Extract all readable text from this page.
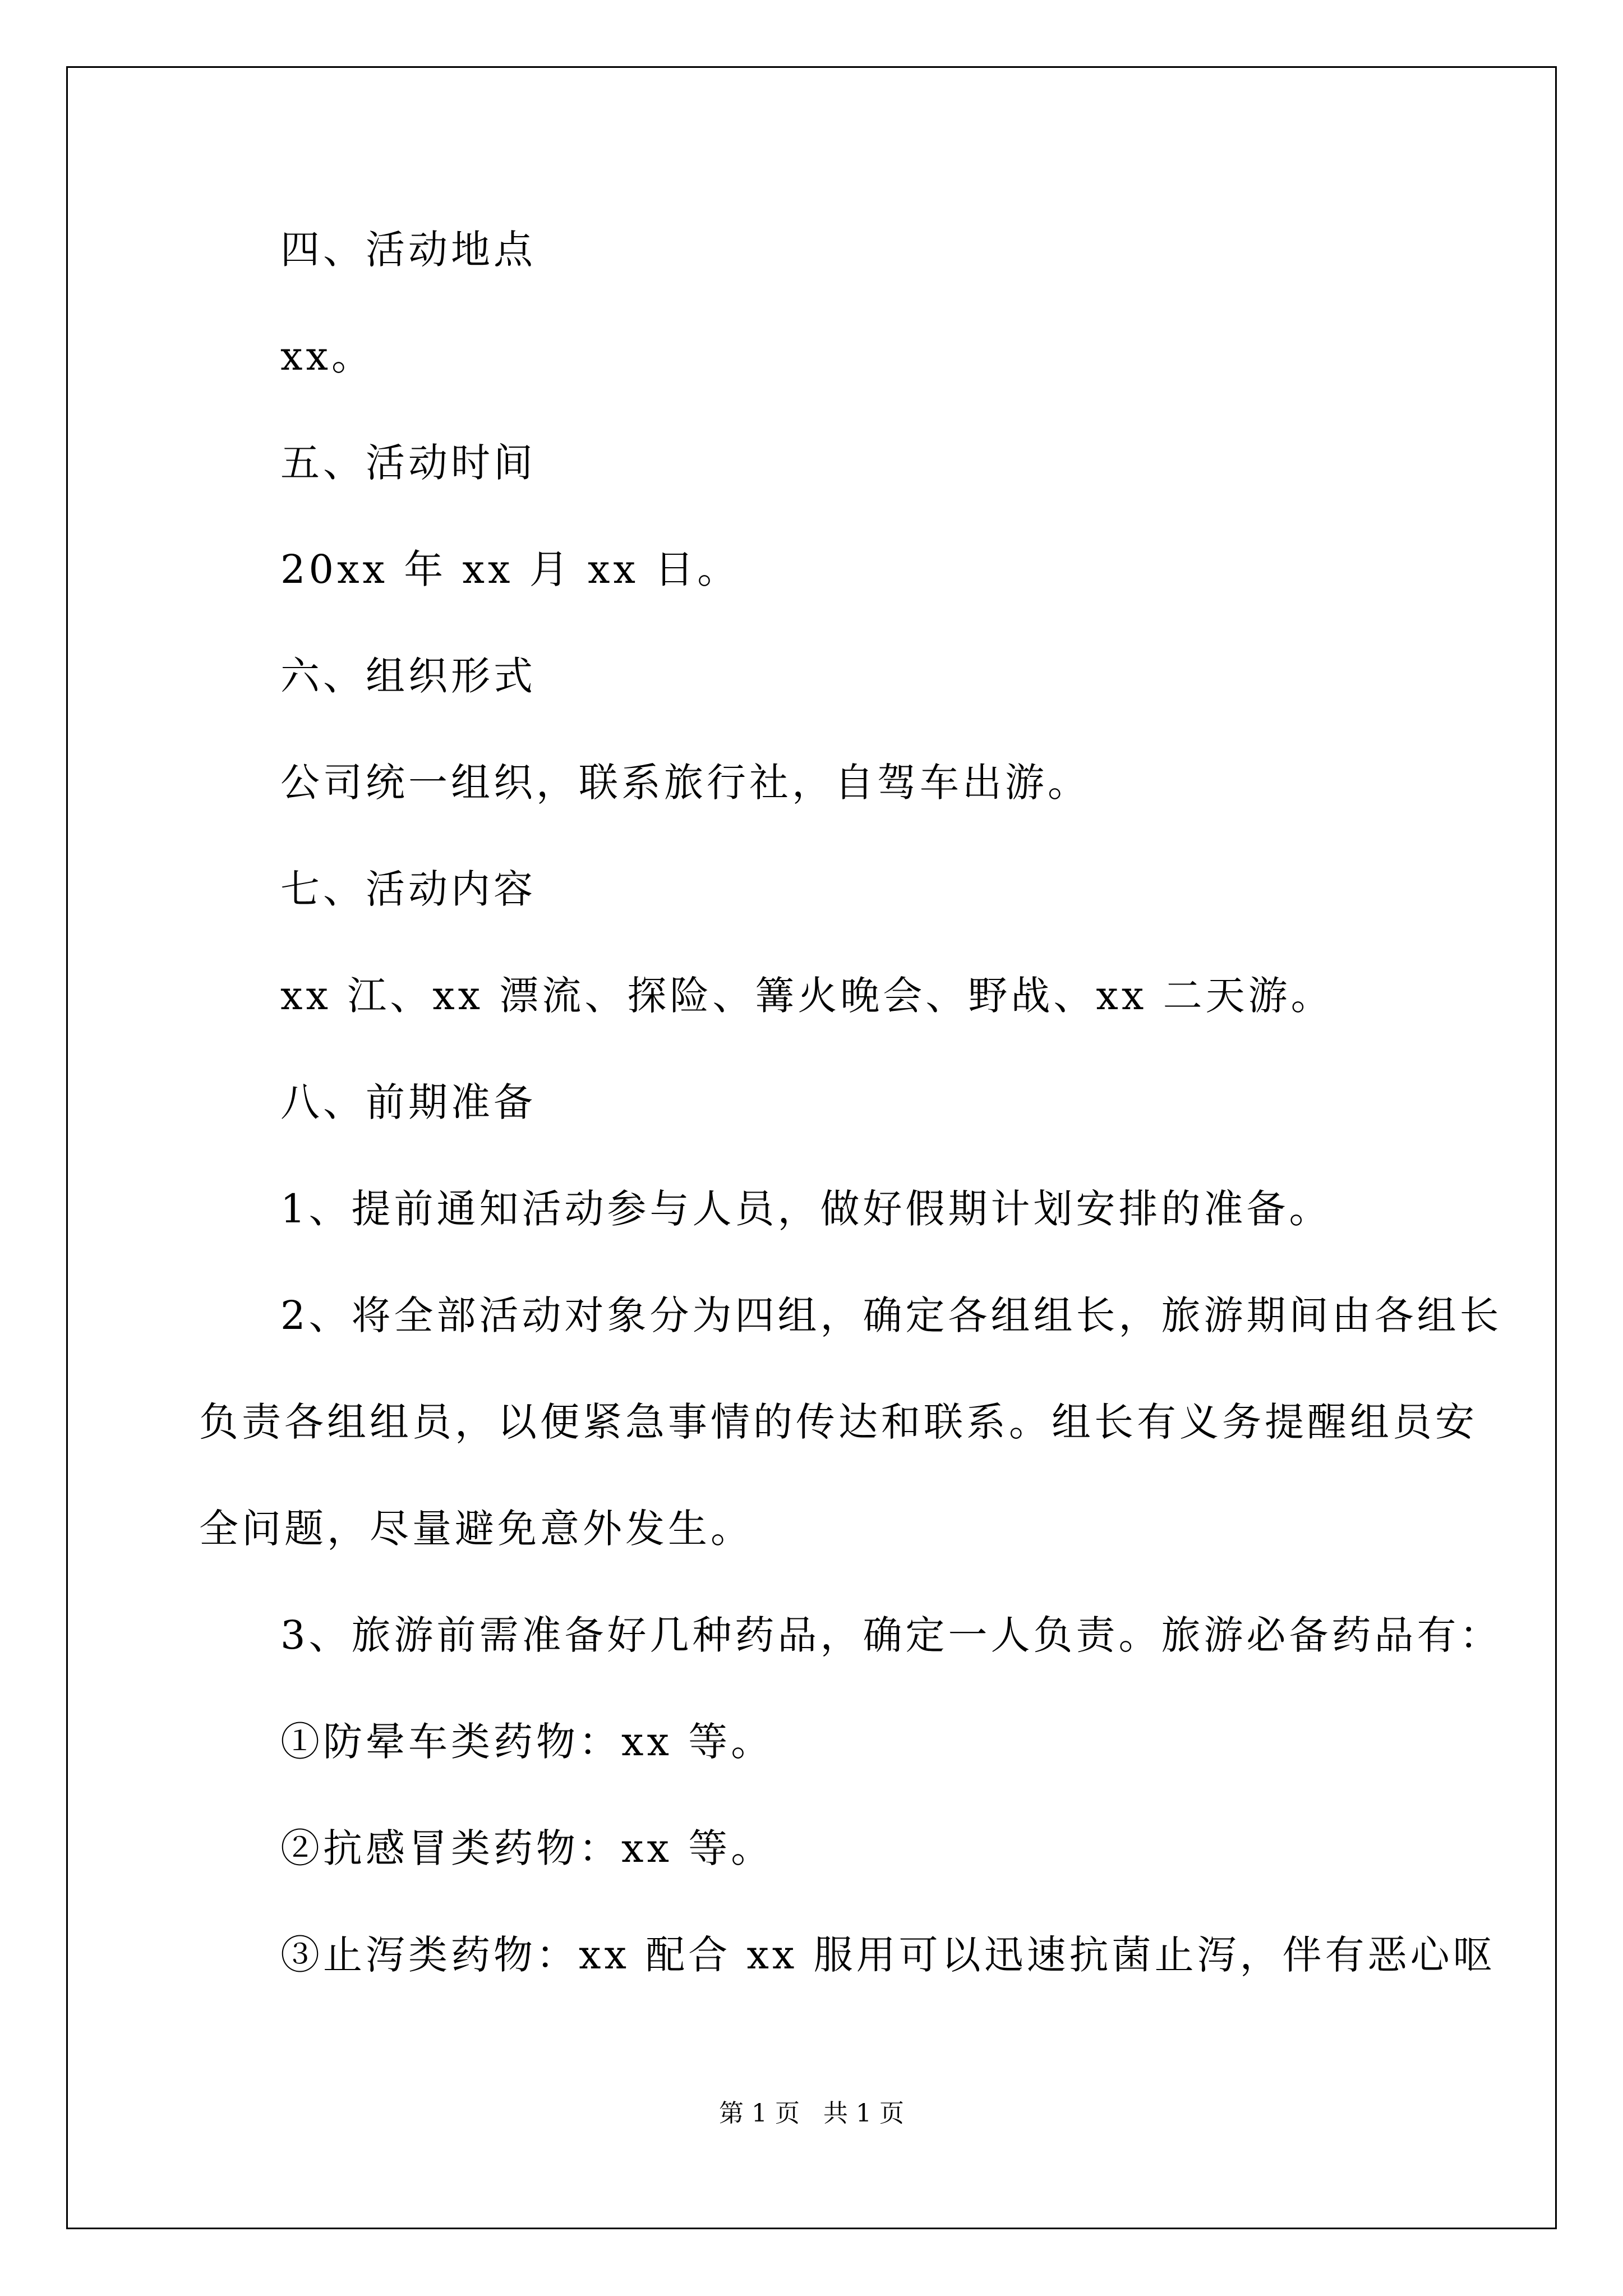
四、活动地点
xx。
五、活动时间
20xx 年 xx 月 xx 日。
六、组织形式
公司统一组织，联系旅行社，自驾车出游。
七、活动内容
xx 江、xx 漂流、探险、篝火晚会、野战、xx 二天游。
八、前期准备
1、提前通知活动参与人员，做好假期计划安排的准备。
2、将全部活动对象分为四组，确定各组组长，旅游期间由各组长
负责各组组员，以便紧急事情的传达和联系。组长有义务提醒组员安
全问题，尽量避免意外发生。
3、旅游前需准备好几种药品，确定一人负责。旅游必备药品有：
①防晕车类药物：xx 等。
②抗感冒类药物：xx 等。
③止泻类药物：xx 配合 xx 服用可以迅速抗菌止泻，伴有恶心呕
第 1 页 共 1 页
